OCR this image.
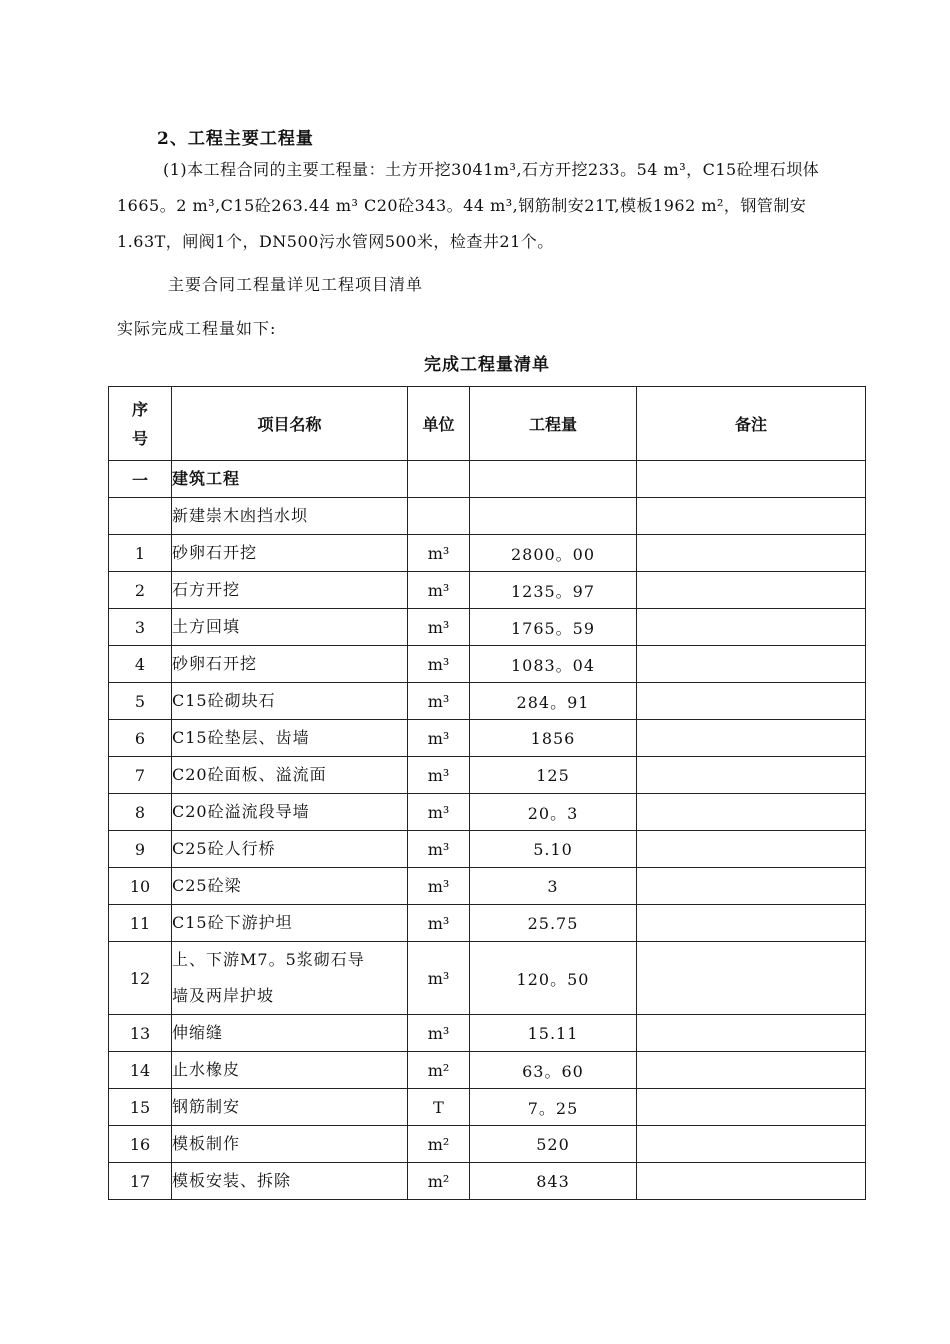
2、工程主要工程量
(1)本工程合同的主要工程量：土方开挖3041m³,石方开挖233。54 m³，C15砼埋石坝体1665。2 m³,C15砼263.44 m³ C20砼343。44 m³,钢筋制安21T,模板1962 m²，钢管制安1.63T，闸阀1个，DN500污水管网500米，检查井21个。
主要合同工程量详见工程项目清单
实际完成工程量如下:
完成工程量清单
序
号	项目名称	单位	工程量	备注
一	建筑工程			
	新建崇木凼挡水坝			
1	砂卵石开挖	m³	2800。00	
2	石方开挖	m³	1235。97	
3	土方回填	m³	1765。59	
4	砂卵石开挖	m³	1083。04	
5	C15砼砌块石	m³	284。91	
6	C15砼垫层、齿墙	m³	1856	
7	C20砼面板、溢流面	m³	125	
8	C20砼溢流段导墙	m³	20。3	
9	C25砼人行桥	m³	5.10	
10	C25砼梁	m³	3	
11	C15砼下游护坦	m³	25.75	
12	上、下游M7。5浆砌石导
墙及两岸护坡	m³	120。50	
13	伸缩缝	m³	15.11	
14	止水橡皮	m²	63。60	
15	钢筋制安	T	7。25	
16	模板制作	m²	520	
17	模板安装、拆除	m²	843	
